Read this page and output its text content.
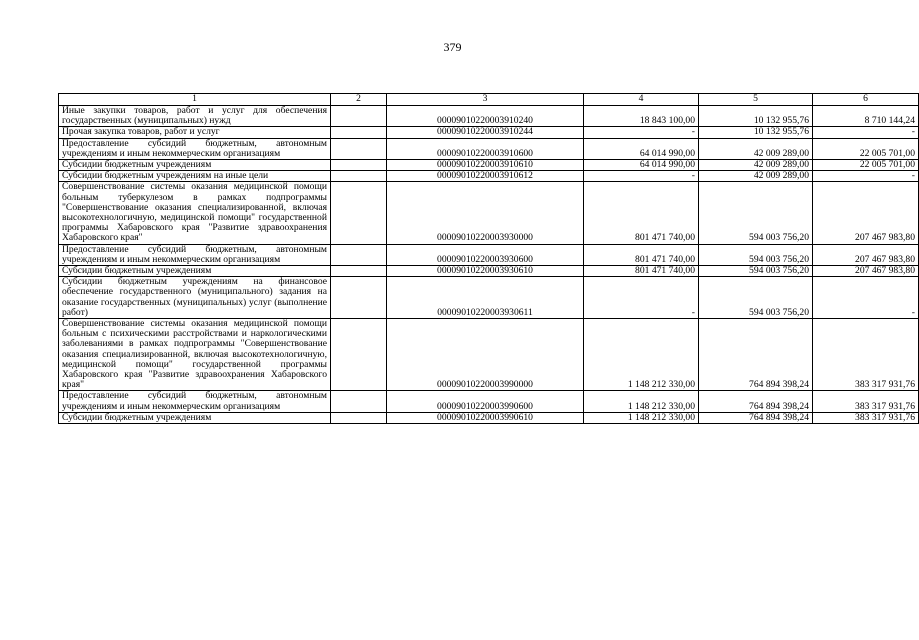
379
1	2	3	4	5	6
Иные закупки товаров, работ и услуг для обеспечения государственных (муниципальных) нужд		00009010220003910240	18 843 100,00	10 132 955,76	8 710 144,24
Прочая закупка товаров, работ и услуг		00009010220003910244	-	10 132 955,76	-
Предоставление субсидий бюджетным, автономным учреждениям и иным некоммерческим организациям		00009010220003910600	64 014 990,00	42 009 289,00	22 005 701,00
Субсидии бюджетным учреждениям		00009010220003910610	64 014 990,00	42 009 289,00	22 005 701,00
Субсидии бюджетным учреждениям на иные цели		00009010220003910612	-	42 009 289,00	-
Совершенствование системы оказания медицинской помощи больным туберкулезом в рамках подпрограммы "Совершенствование оказания специализированной, включая высокотехнологичную, медицинской помощи" государственной программы Хабаровского края "Развитие здравоохранения Хабаровского края"		00009010220003930000	801 471 740,00	594 003 756,20	207 467 983,80
Предоставление субсидий бюджетным, автономным учреждениям и иным некоммерческим организациям		00009010220003930600	801 471 740,00	594 003 756,20	207 467 983,80
Субсидии бюджетным учреждениям		00009010220003930610	801 471 740,00	594 003 756,20	207 467 983,80
Субсидии бюджетным учреждениям на финансовое обеспечение государственного (муниципального) задания на оказание государственных (муниципальных) услуг (выполнение работ)		00009010220003930611	-	594 003 756,20	-
Совершенствование системы оказания медицинской помощи больным с психическими расстройствами и наркологическими заболеваниями в рамках подпрограммы "Совершенствование оказания специализированной, включая высокотехнологичную, медицинской помощи" государственной программы Хабаровского края "Развитие здравоохранения Хабаровского края"		00009010220003990000	1 148 212 330,00	764 894 398,24	383 317 931,76
Предоставление субсидий бюджетным, автономным учреждениям и иным некоммерческим организациям		00009010220003990600	1 148 212 330,00	764 894 398,24	383 317 931,76
Субсидии бюджетным учреждениям		00009010220003990610	1 148 212 330,00	764 894 398,24	383 317 931,76
